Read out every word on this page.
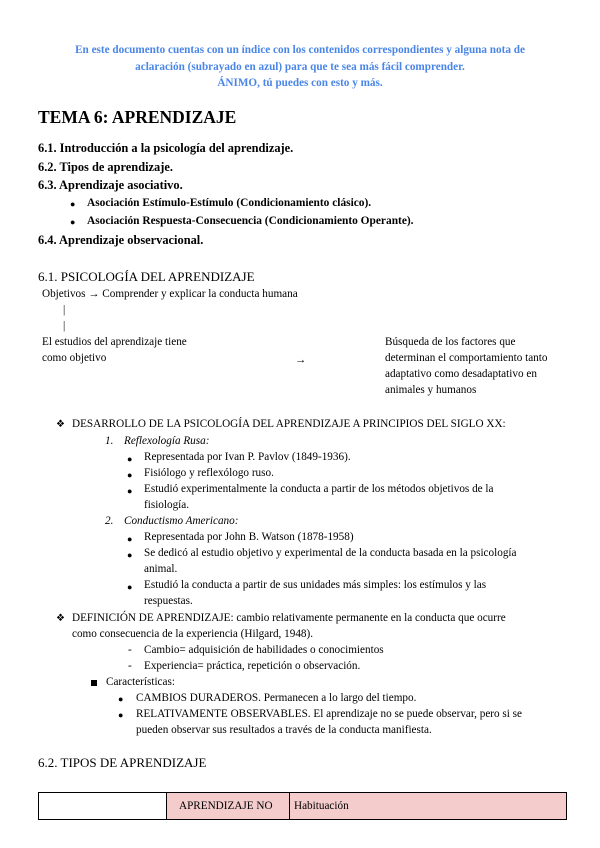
En este documento cuentas con un índice con los contenidos correspondientes y alguna nota de
aclaración (subrayado en azul) para que te sea más fácil comprender.
ÁNIMO, tú puedes con esto y más.
TEMA 6: APRENDIZAJE
6.1. Introducción a la psicología del aprendizaje.
6.2. Tipos de aprendizaje.
6.3. Aprendizaje asociativo.
● Asociación Estímulo-Estímulo (Condicionamiento clásico).
● Asociación Respuesta-Consecuencia (Condicionamiento Operante).
6.4. Aprendizaje observacional.
6.1. PSICOLOGÍA DEL APRENDIZAJE
Objetivos → Comprender y explicar la conducta humana
|
|
El estudios del aprendizaje tiene
como objetivo	→
Búsqueda de los factores que
determinan el comportamiento tanto
adaptativo como desadaptativo en
animales y humanos
❖ DESARROLLO DE LA PSICOLOGÍA DEL APRENDIZAJE A PRINCIPIOS DEL SIGLO XX:
1. Reflexología Rusa:
● Representada por Ivan P. Pavlov (1849-1936).
● Fisiólogo y reflexólogo ruso.
● Estudió experimentalmente la conducta a partir de los métodos objetivos de la
fisiología.
2. Conductismo Americano:
● Representada por John B. Watson (1878-1958)
● Se dedicó al estudio objetivo y experimental de la conducta basada en la psicología
animal.
● Estudió la conducta a partir de sus unidades más simples: los estímulos y las
respuestas.
❖ DEFINICIÓN DE APRENDIZAJE: cambio relativamente permanente en la conducta que ocurre
como consecuencia de la experiencia (Hilgard, 1948).
- Cambio= adquisición de habilidades o conocimientos
- Experiencia= práctica, repetición o observación.
Características:
● CAMBIOS DURADEROS. Permanecen a lo largo del tiempo.
● RELATIVAMENTE OBSERVABLES. El aprendizaje no se puede observar, pero si se
pueden observar sus resultados a través de la conducta manifiesta.
6.2. TIPOS DE APRENDIZAJE
	APRENDIZAJE NO	Habituación
